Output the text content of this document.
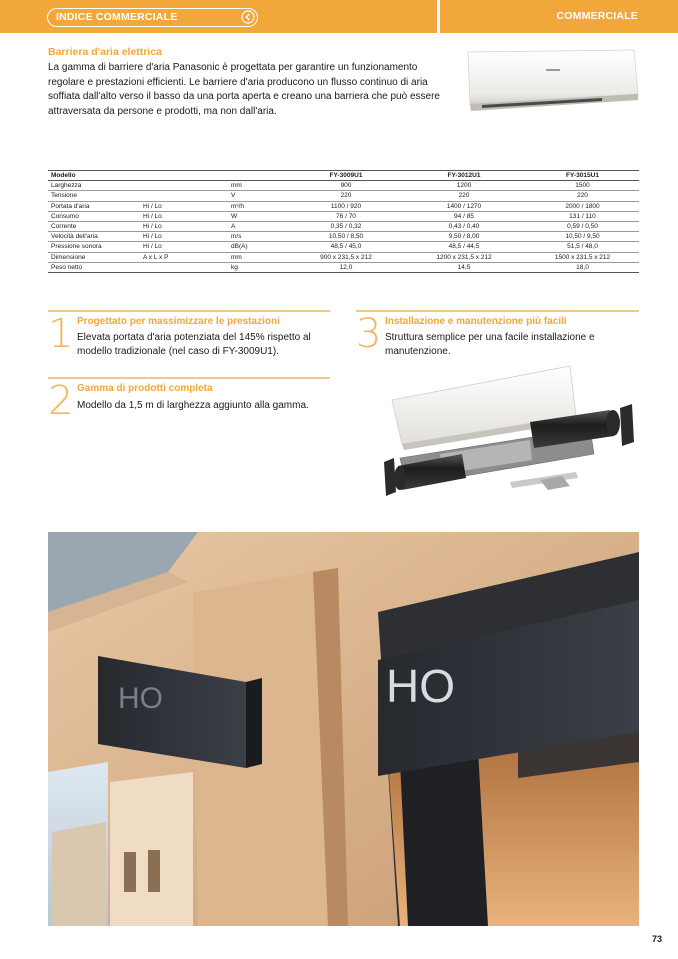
INDICE COMMERCIALE	COMMERCIALE
Barriera d'aria elettrica
La gamma di barriere d'aria Panasonic è progettata per garantire un funzionamento regolare e prestazioni efficienti. Le barriere d'aria producono un flusso continuo di aria soffiata dall'alto verso il basso da una porta aperta e creano una barriera che può essere attraversata da persone e prodotti, ma non dall'aria.
Modello			FY-3009U1	FY-3012U1	FY-3015U1
Larghezza		mm	900	1200	1500
Tensione		V	220	220	220
Portata d'aria	Hi / Lo	m³/h	1100 / 920	1400 / 1270	2000 / 1800
Consumo	Hi / Lo	W	76 / 70	94 / 85	131 / 110
Corrente	Hi / Lo	A	0,35 / 0,32	0,43 / 0,40	0,59 / 0,50
Velocità dell'aria	Hi / Lo	m/s	10,50 / 8,50	9,50 / 8,00	10,50 / 9,50
Pressione sonora	Hi / Lo	dB(A)	48,5 / 45,0	48,5 / 44,5	51,5 / 48,0
Dimensione	A x L x P	mm	900 x 231,5 x 212	1200 x 231,5 x 212	1500 x 231,5 x 212
Peso netto		kg	12,0	14,5	18,0
1 Progettato per massimizzare le prestazioni
Elevata portata d'aria potenziata del 145% rispetto al modello tradizionale (nel caso di FY-3009U1).
2 Gamma di prodotti completa
Modello da 1,5 m di larghezza aggiunto alla gamma.
3 Installazione e manutenzione più facili
Struttura semplice per una facile installazione e manutenzione.
HO	HO
73
